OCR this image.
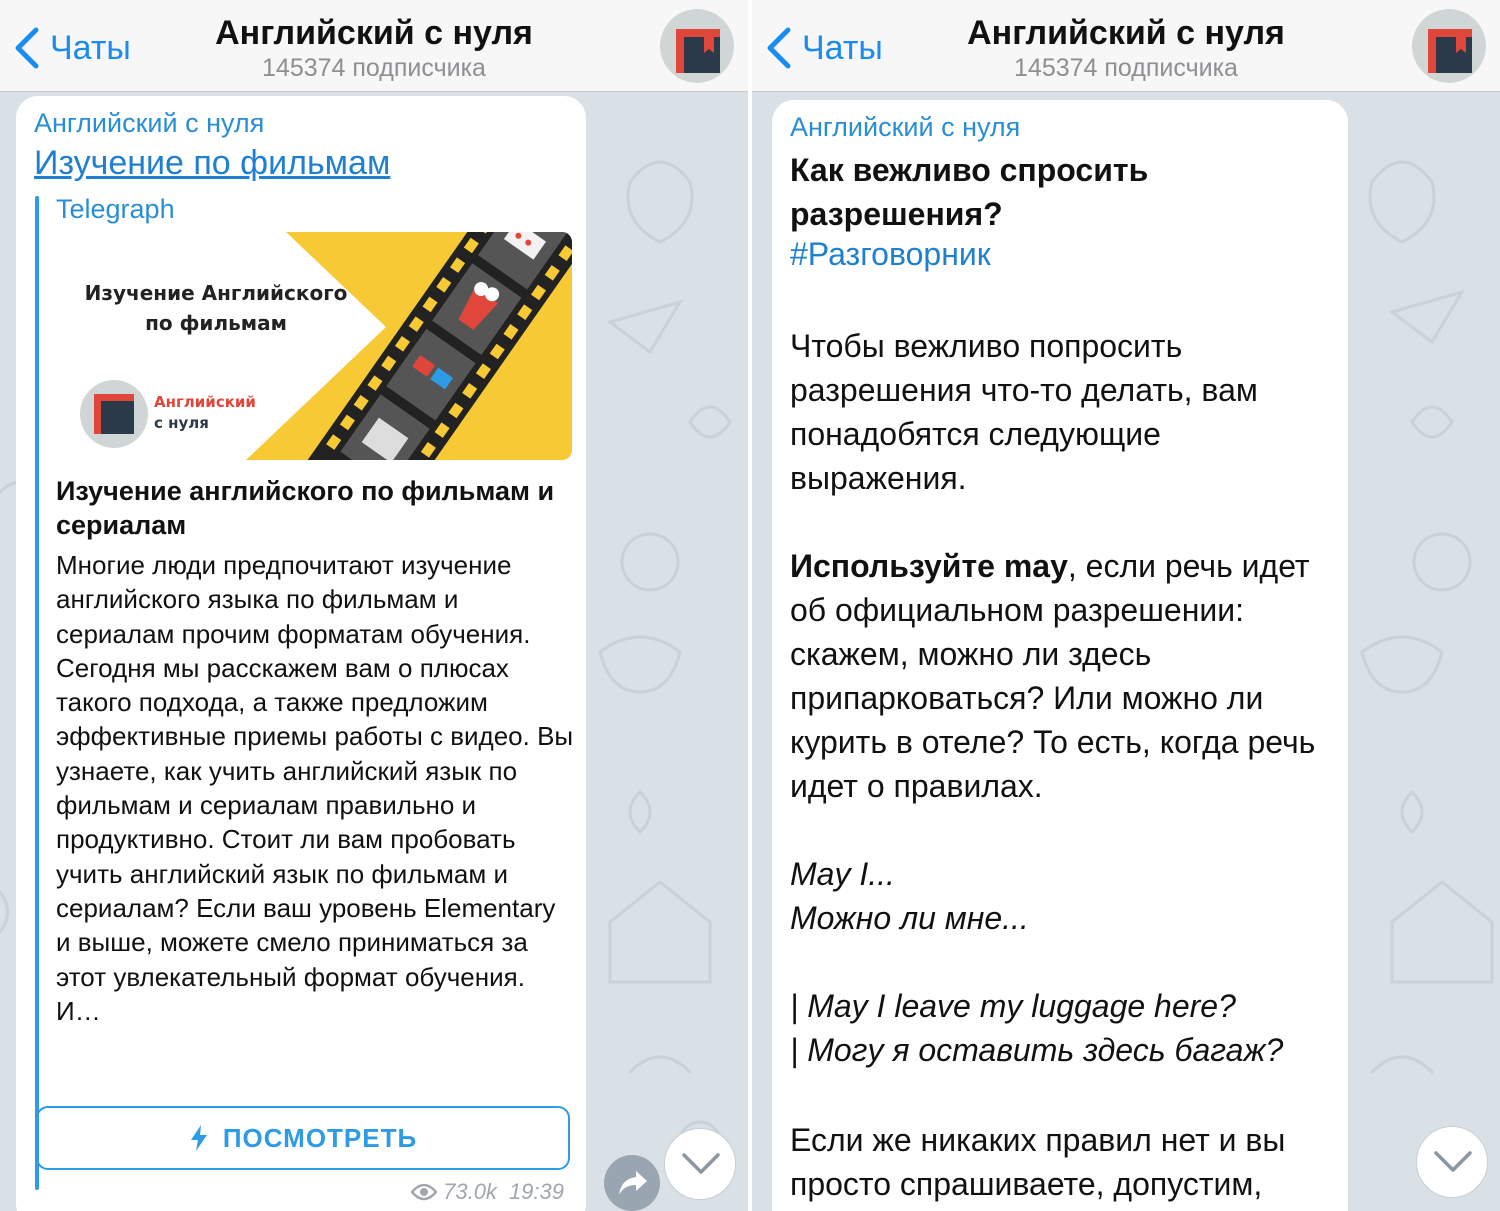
Чаты	Английский с нуля
145374 подписчика
Английский с нуля
Изучение по фильмам
Telegraph
Изучение Английского
по фильмам
Английский
с нуля
Изучение английского по фильмам и сериалам
Многие люди предпочитают изучение английского языка по фильмам и сериалам прочим форматам обучения. Сегодня мы расскажем вам о плюсах такого подхода, а также предложим эффективные приемы работы с видео. Вы узнаете, как учить английский язык по фильмам и сериалам правильно и продуктивно. Стоит ли вам пробовать учить английский язык по фильмам и сериалам? Если ваш уровень Elementary и выше, можете смело приниматься за этот увлекательный формат обучения. И…
ПОСМОТРЕТЬ
73.0k 19:39
Чаты	Английский с нуля
145374 подписчика
Английский с нуля
Как вежливо спросить разрешения?
#Разговорник
Чтобы вежливо попросить разрешения что-то делать, вам понадобятся следующие выражения.
Используйте may, если речь идет об официальном разрешении: скажем, можно ли здесь припарковаться? Или можно ли курить в отеле? То есть, когда речь идет о правилах.
May I...
Можно ли мне...
| May I leave my luggage here?
| Могу я оставить здесь багаж?
Если же никаких правил нет и вы просто спрашиваете, допустим,
